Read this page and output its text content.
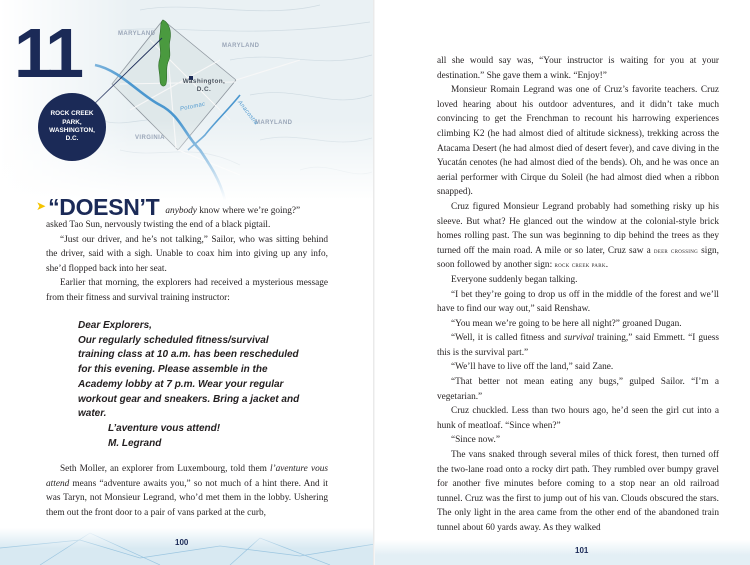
MARYLAND
MARYLAND
MARYLAND
VIRGINIA
Washington, D.C.
Potomac	Anacostia
11
ROCK CREEK PARK, WASHINGTON, D.C.
➤ “DOESN’T anybody know where we’re going?”

asked Tao Sun, nervously twisting the end of a black pigtail.

“Just our driver, and he’s not talking,” Sailor, who was sitting behind the driver, said with a sigh. Unable to coax him into giving up any info, she’d flopped back into her seat.

Earlier that morning, the explorers had received a mysterious message from their fitness and survival training instructor:

Dear Explorers,
Our regularly scheduled fitness/survival training class at 10 a.m. has been rescheduled for this evening. Please assemble in the Academy lobby at 7 p.m. Wear your regular workout gear and sneakers. Bring a jacket and water.
L’aventure vous attend!
M. Legrand

Seth Moller, an explorer from Luxembourg, told them l’aventure vous attend means “adventure awaits you,” so not much of a hint there. And it was Taryn, not Monsieur Legrand, who’d met them in the lobby. Ushering them out the front door to a pair of vans parked at the curb,

100

all she would say was, “Your instructor is waiting for you at your destination.” She gave them a wink. “Enjoy!”

Monsieur Romain Legrand was one of Cruz’s favorite teachers. Cruz loved hearing about his outdoor adventures, and it didn’t take much convincing to get the Frenchman to recount his harrowing experiences climbing K2 (he had almost died of altitude sickness), trekking across the Atacama Desert (he had almost died of desert fever), and cave diving in the Yucatán cenotes (he had almost died of the bends). Oh, and he was once an aerial performer with Cirque du Soleil (he had almost died when a ribbon snapped).

Cruz figured Monsieur Legrand probably had something risky up his sleeve. But what? He glanced out the window at the colonial-style brick homes rolling past. The sun was beginning to dip behind the trees as they turned off the main road. A mile or so later, Cruz saw a deer crossing sign, soon followed by another sign: rock creek park.

Everyone suddenly began talking.

“I bet they’re going to drop us off in the middle of the forest and we’ll have to find our way out,” said Renshaw.

“You mean we’re going to be here all night?” groaned Dugan.

“Well, it is called fitness and survival training,” said Emmett. “I guess this is the survival part.”

“We’ll have to live off the land,” said Zane.

“That better not mean eating any bugs,” gulped Sailor. “I’m a vegetarian.”

Cruz chuckled. Less than two hours ago, he’d seen the girl cut into a hunk of meatloaf. “Since when?”

“Since now.”

The vans snaked through several miles of thick forest, then turned off the two-lane road onto a rocky dirt path. They rumbled over bumpy gravel for another five minutes before coming to a stop near an old railroad tunnel. Cruz was the first to jump out of his van. Clouds obscured the stars. The only light in the area came from the other end of the abandoned train tunnel about 60 yards away. As they walked

101
